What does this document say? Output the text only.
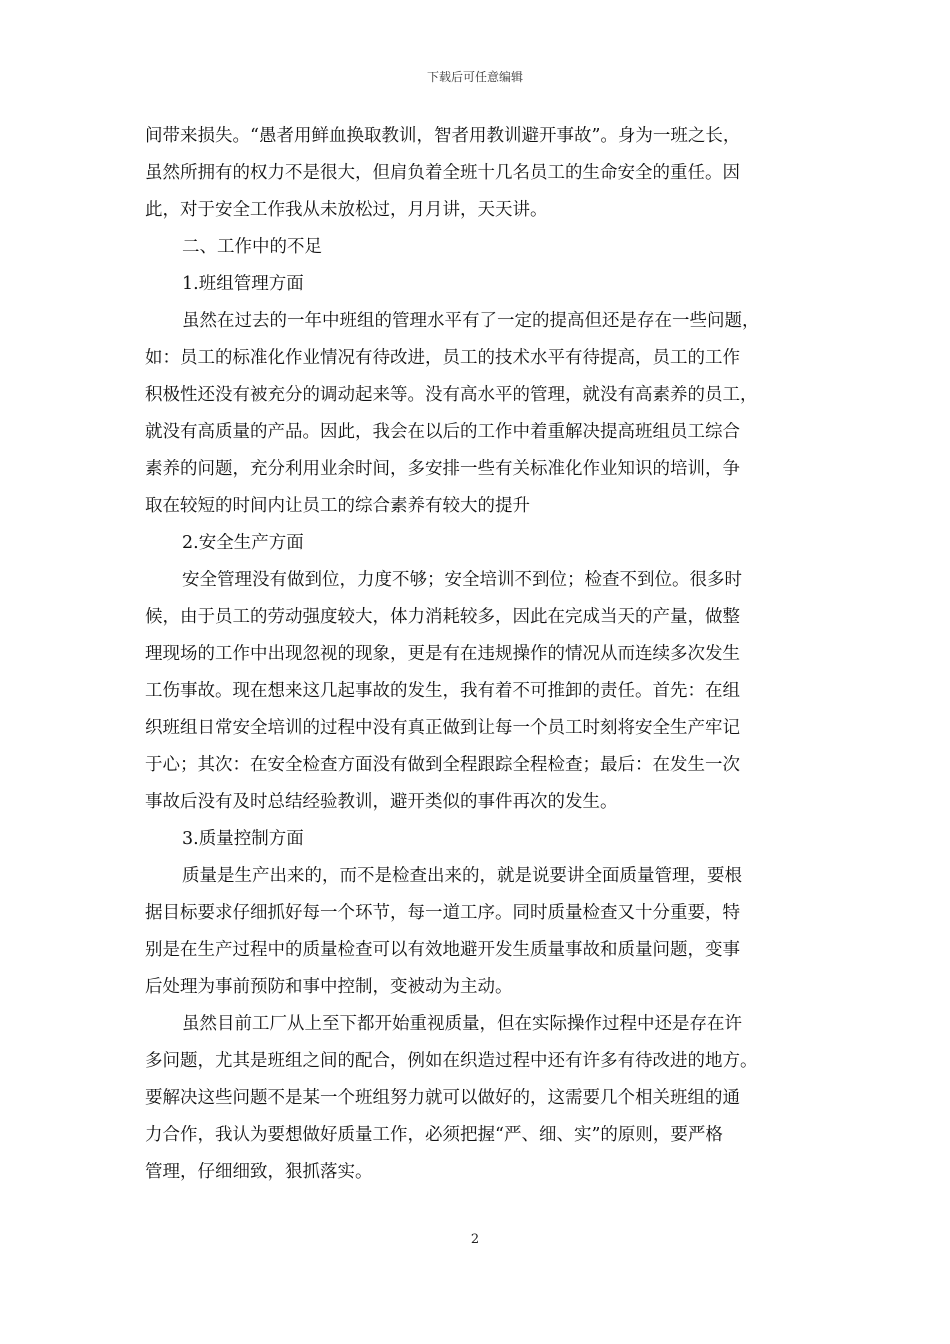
下载后可任意编辑
间带来损失。“愚者用鲜血换取教训，智者用教训避开事故”。身为一班之长，
虽然所拥有的权力不是很大，但肩负着全班十几名员工的生命安全的重任。因
此，对于安全工作我从未放松过，月月讲，天天讲。
二、工作中的不足
1.班组管理方面
虽然在过去的一年中班组的管理水平有了一定的提高但还是存在一些问题，
如：员工的标准化作业情况有待改进，员工的技术水平有待提高，员工的工作
积极性还没有被充分的调动起来等。没有高水平的管理，就没有高素养的员工，
就没有高质量的产品。因此，我会在以后的工作中着重解决提高班组员工综合
素养的问题，充分利用业余时间，多安排一些有关标准化作业知识的培训，争
取在较短的时间内让员工的综合素养有较大的提升
2.安全生产方面
安全管理没有做到位，力度不够；安全培训不到位；检查不到位。很多时
候，由于员工的劳动强度较大，体力消耗较多，因此在完成当天的产量，做整
理现场的工作中出现忽视的现象，更是有在违规操作的情况从而连续多次发生
工伤事故。现在想来这几起事故的发生，我有着不可推卸的责任。首先：在组
织班组日常安全培训的过程中没有真正做到让每一个员工时刻将安全生产牢记
于心；其次：在安全检查方面没有做到全程跟踪全程检查；最后：在发生一次
事故后没有及时总结经验教训，避开类似的事件再次的发生。
3.质量控制方面
质量是生产出来的，而不是检查出来的，就是说要讲全面质量管理，要根
据目标要求仔细抓好每一个环节，每一道工序。同时质量检查又十分重要，特
别是在生产过程中的质量检查可以有效地避开发生质量事故和质量问题，变事
后处理为事前预防和事中控制，变被动为主动。
虽然目前工厂从上至下都开始重视质量，但在实际操作过程中还是存在许
多问题，尤其是班组之间的配合，例如在织造过程中还有许多有待改进的地方。
要解决这些问题不是某一个班组努力就可以做好的，这需要几个相关班组的通
力合作，我认为要想做好质量工作，必须把握“严、细、实”的原则，要严格
管理，仔细细致，狠抓落实。
2
